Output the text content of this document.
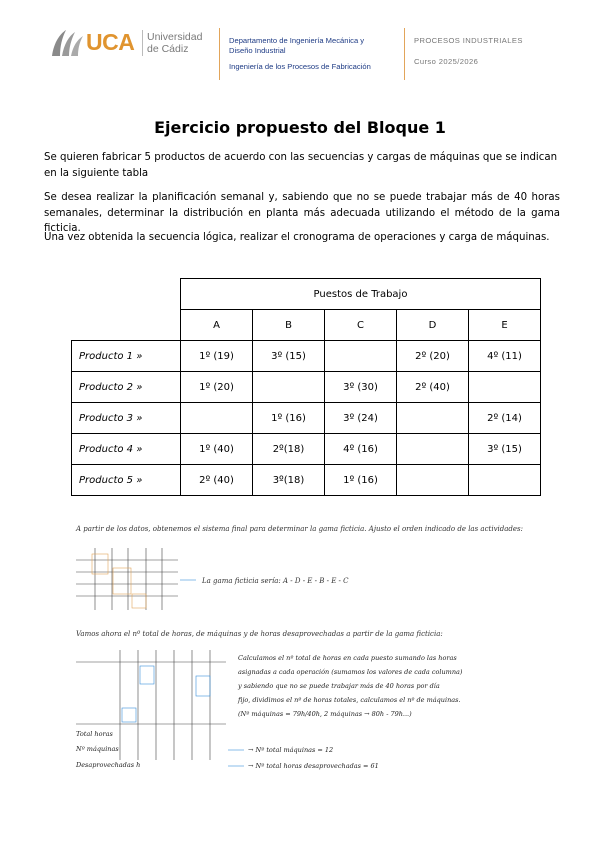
UCA Universidad
de Cádiz
Departamento de Ingeniería Mecánica y
Diseño Industrial
Ingeniería de los Procesos de Fabricación
PROCESOS INDUSTRIALES
Curso 2025/2026
Ejercicio propuesto del Bloque 1
Se quieren fabricar 5 productos de acuerdo con las secuencias y cargas de máquinas que se indican en la siguiente tabla
Se desea realizar la planificación semanal y, sabiendo que no se puede trabajar más de 40 horas semanales, determinar la distribución en planta más adecuada utilizando el método de la gama ficticia.
Una vez obtenida la secuencia lógica, realizar el cronograma de operaciones y carga de máquinas.
	Puestos de Trabajo				
	A	B	C	D	E
Producto 1 »	1º (19)	3º (15)		2º (20)	4º (11)
Producto 2 »	1º (20)		3º (30)	2º (40)	
Producto 3 »		1º (16)	3º (24)		2º (14)
Producto 4 »	1º (40)	2º(18)	4º (16)		3º (15)
Producto 5 »	2º (40)	3º(18)	1º (16)		
A partir de los datos, obtenemos el sistema final para determinar la gama ficticia. Ajusto el orden indicado de las actividades:
La gama ficticia sería: A - D - E - B - E - C
Vamos ahora el nº total de horas, de máquinas y de horas desaprovechadas a partir de la gama ficticia:
Total horas
Nº máquinas
Desaprovechadas h
Calculamos el nº total de horas en cada puesto sumando las horas
asignadas a cada operación (sumamos los valores de cada columna)
y sabiendo que no se puede trabajar más de 40 horas por día
fijo, dividimos el nº de horas totales, calculamos el nº de máquinas.
(Nº máquinas = 79h/40h, 2 máquinas → 80h - 79h...)
→ Nº total máquinas = 12
→ Nº total horas desaprovechadas = 61
